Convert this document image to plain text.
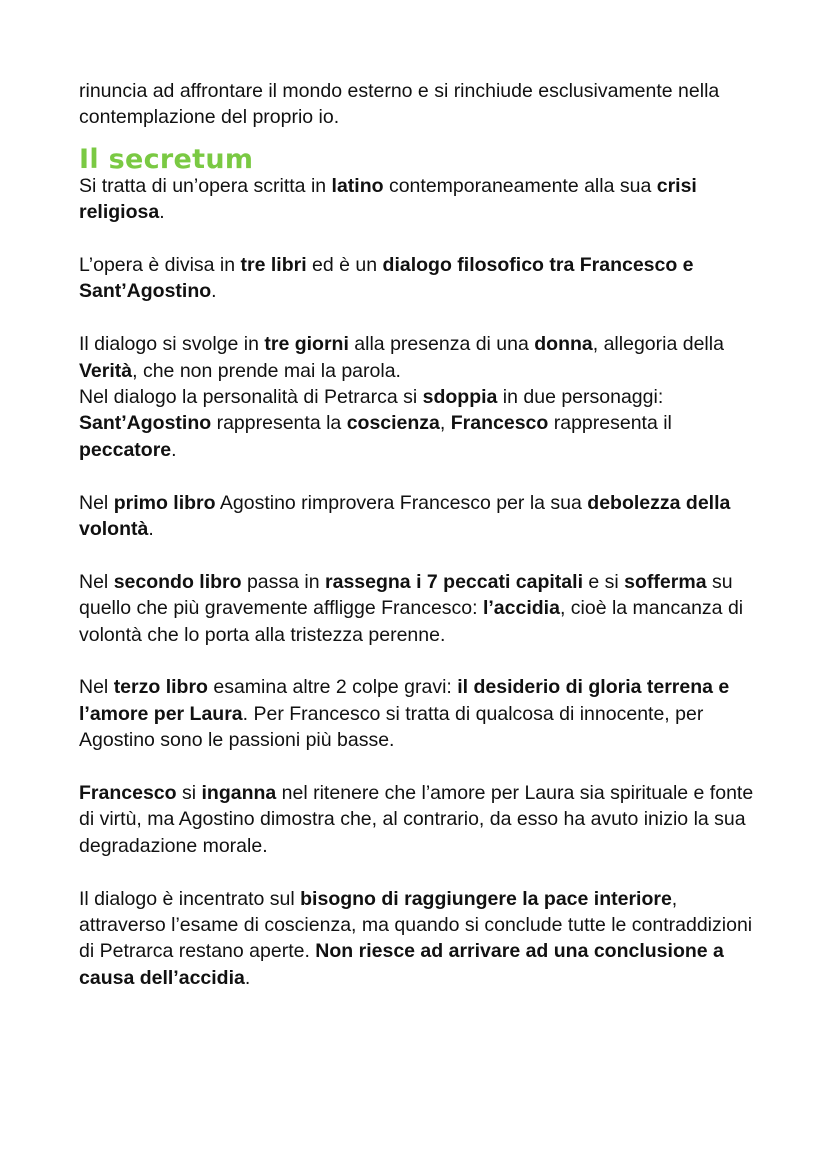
rinuncia ad affrontare il mondo esterno e si rinchiude esclusivamente nella contemplazione del proprio io.

Il secretum

Si tratta di un’opera scritta in latino contemporaneamente alla sua crisi religiosa.

L’opera è divisa in tre libri ed è un dialogo filosofico tra Francesco e Sant’Agostino.

Il dialogo si svolge in tre giorni alla presenza di una donna, allegoria della Verità, che non prende mai la parola.
Nel dialogo la personalità di Petrarca si sdoppia in due personaggi: Sant’Agostino rappresenta la coscienza, Francesco rappresenta il peccatore.

Nel primo libro Agostino rimprovera Francesco per la sua debolezza della volontà.

Nel secondo libro passa in rassegna i 7 peccati capitali e si sofferma su quello che più gravemente affligge Francesco: l’accidia, cioè la mancanza di volontà che lo porta alla tristezza perenne.

Nel terzo libro esamina altre 2 colpe gravi: il desiderio di gloria terrena e l’amore per Laura. Per Francesco si tratta di qualcosa di innocente, per Agostino sono le passioni più basse.

Francesco si inganna nel ritenere che l’amore per Laura sia spirituale e fonte di virtù, ma Agostino dimostra che, al contrario, da esso ha avuto inizio la sua degradazione morale.

Il dialogo è incentrato sul bisogno di raggiungere la pace interiore, attraverso l’esame di coscienza, ma quando si conclude tutte le contraddizioni di Petrarca restano aperte. Non riesce ad arrivare ad una conclusione a causa dell’accidia.
